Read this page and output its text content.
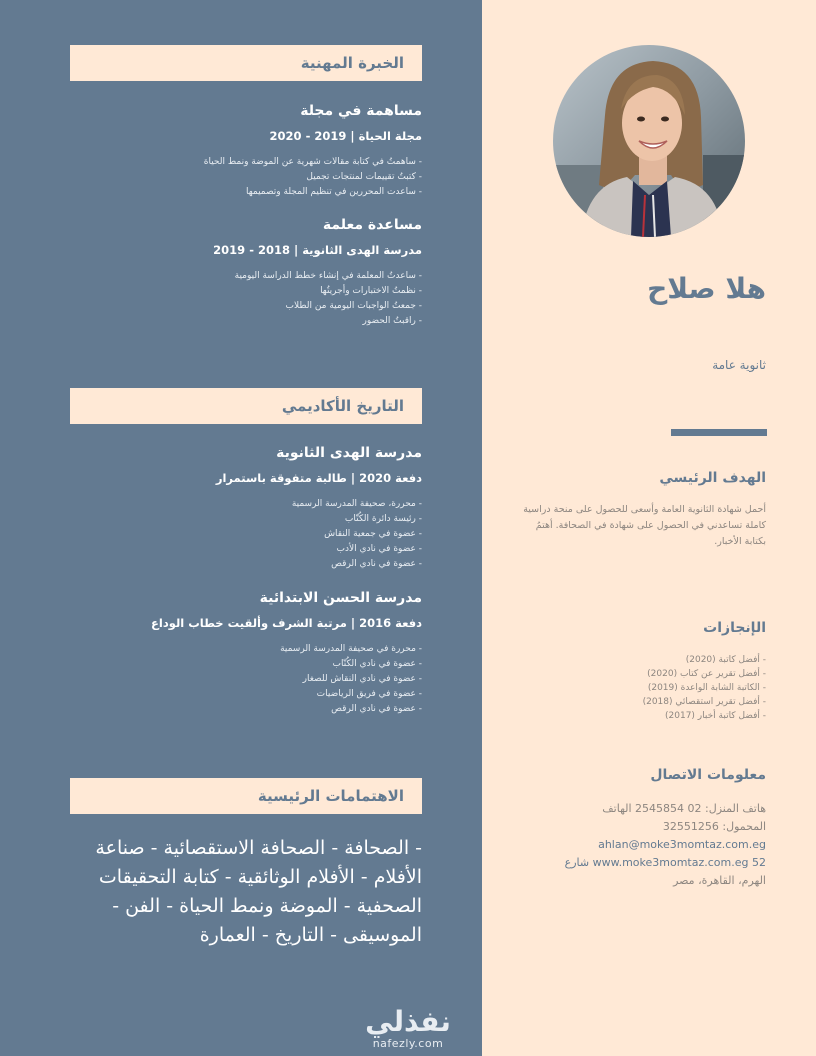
الخبرة المهنية
مساهمة في مجلة
مجلة الحياة | 2019 - 2020
- ساهمتُ في كتابة مقالات شهرية عن الموضة ونمط الحياة
- كتبتُ تقييمات لمنتجات تجميل
- ساعدت المحررين في تنظيم المجلة وتصميمها
مساعدة معلمة
مدرسة الهدى الثانوية | 2018 - 2019
- ساعدتُ المعلمة في إنشاء خطط الدراسة اليومية
- نظمتُ الاختبارات وأجريتُها
- جمعتُ الواجبات اليومية من الطلاب
- راقبتُ الحضور
التاريخ الأكاديمي
مدرسة الهدى الثانوية
دفعة 2020 | طالبة متفوقة باستمرار
- محررة، صحيفة المدرسة الرسمية
- رئيسة دائرة الكُتّاب
- عضوة في جمعية النقاش
- عضوة في نادي الأدب
- عضوة في نادي الرقص
مدرسة الحسن الابتدائية
دفعة 2016 | مرتبة الشرف وألقيت خطاب الوداع
- محررة في صحيفة المدرسة الرسمية
- عضوة في نادي الكُتّاب
- عضوة في نادي النقاش للصغار
- عضوة في فريق الرياضيات
- عضوة في نادي الرقص
الاهتمامات الرئيسية
- الصحافة - الصحافة الاستقصائية - صناعة الأفلام - الأفلام الوثائقية - كتابة التحقيقات الصحفية - الموضة ونمط الحياة - الفن - الموسيقى - التاريخ - العمارة
نفذلي
nafezly.com
هلا صلاح
ثانوية عامة
الهدف الرئيسي
أحمل شهادة الثانوية العامة وأسعى للحصول على منحة دراسية كاملة تساعدني في الحصول على شهادة في الصحافة. أهتمُ بكتابة الأخبار.
الإنجازات
- أفضل كاتبة (2020)
- أفضل تقرير عن كتاب (2020)
- الكاتبة الشابة الواعدة (2019)
- أفضل تقرير استقصائي (2018)
- أفضل كاتبة أخبار (2017)
معلومات الاتصال
هاتف المنزل: 02 2545854 الهاتف
المحمول: 32551256
ahlan@moke3momtaz.com.eg
52 www.moke3momtaz.com.eg شارع
الهرم، القاهرة، مصر
